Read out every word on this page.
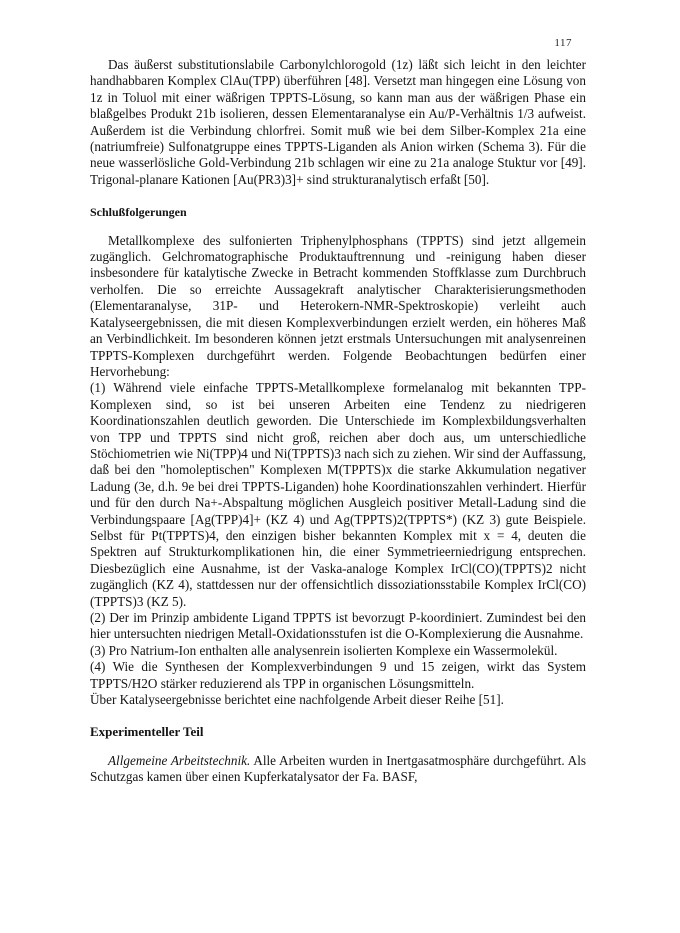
117

Das äußerst substitutionslabile Carbonylchlorogold (1z) läßt sich leicht in den leichter handhabbaren Komplex ClAu(TPP) überführen [48]. Versetzt man hingegen eine Lösung von 1z in Toluol mit einer wäßrigen TPPTS-Lösung, so kann man aus der wäßrigen Phase ein blaßgelbes Produkt 21b isolieren, dessen Elementaranalyse ein Au/P-Verhältnis 1/3 aufweist. Außerdem ist die Verbindung chlorfrei. Somit muß wie bei dem Silber-Komplex 21a eine (natriumfreie) Sulfonatgruppe eines TPPTS-Liganden als Anion wirken (Schema 3). Für die neue wasserlösliche Gold-Verbindung 21b schlagen wir eine zu 21a analoge Stuktur vor [49]. Trigonal-planare Kationen [Au(PR3)3]+ sind strukturanalytisch erfaßt [50].

Schlußfolgerungen

Metallkomplexe des sulfonierten Triphenylphosphans (TPPTS) sind jetzt allgemein zugänglich. Gelchromatographische Produktauftrennung und -reinigung haben dieser insbesondere für katalytische Zwecke in Betracht kommenden Stoffklasse zum Durchbruch verholfen. Die so erreichte Aussagekraft analytischer Charakterisierungsmethoden (Elementaranalyse, 31P- und Heterokern-NMR-Spektroskopie) verleiht auch Katalyseergebnissen, die mit diesen Komplexverbindungen erzielt werden, ein höheres Maß an Verbindlichkeit. Im besonderen können jetzt erstmals Untersuchungen mit analysenreinen TPPTS-Komplexen durchgeführt werden. Folgende Beobachtungen bedürfen einer Hervorhebung:

(1) Während viele einfache TPPTS-Metallkomplexe formelanalog mit bekannten TPP-Komplexen sind, so ist bei unseren Arbeiten eine Tendenz zu niedrigeren Koordinationszahlen deutlich geworden. Die Unterschiede im Komplexbildungsverhalten von TPP und TPPTS sind nicht groß, reichen aber doch aus, um unterschiedliche Stöchiometrien wie Ni(TPP)4 und Ni(TPPTS)3 nach sich zu ziehen. Wir sind der Auffassung, daß bei den "homoleptischen" Komplexen M(TPPTS)x die starke Akkumulation negativer Ladung (3e, d.h. 9e bei drei TPPTS-Liganden) hohe Koordinationszahlen verhindert. Hierfür und für den durch Na+-Abspaltung möglichen Ausgleich positiver Metall-Ladung sind die Verbindungspaare [Ag(TPP)4]+ (KZ 4) und Ag(TPPTS)2(TPPTS*) (KZ 3) gute Beispiele. Selbst für Pt(TPPTS)4, den einzigen bisher bekannten Komplex mit x = 4, deuten die Spektren auf Strukturkomplikationen hin, die einer Symmetrieerniedrigung entsprechen. Diesbezüglich eine Ausnahme, ist der Vaska-analoge Komplex IrCl(CO)(TPPTS)2 nicht zugänglich (KZ 4), stattdessen nur der offensichtlich dissoziationsstabile Komplex IrCl(CO)(TPPTS)3 (KZ 5).

(2) Der im Prinzip ambidente Ligand TPPTS ist bevorzugt P-koordiniert. Zumindest bei den hier untersuchten niedrigen Metall-Oxidationsstufen ist die O-Komplexierung die Ausnahme.

(3) Pro Natrium-Ion enthalten alle analysenrein isolierten Komplexe ein Wassermolekül.

(4) Wie die Synthesen der Komplexverbindungen 9 und 15 zeigen, wirkt das System TPPTS/H2O stärker reduzierend als TPP in organischen Lösungsmitteln.

Über Katalyseergebnisse berichtet eine nachfolgende Arbeit dieser Reihe [51].

Experimenteller Teil

Allgemeine Arbeitstechnik. Alle Arbeiten wurden in Inertgasatmosphäre durchgeführt. Als Schutzgas kamen über einen Kupferkatalysator der Fa. BASF,
